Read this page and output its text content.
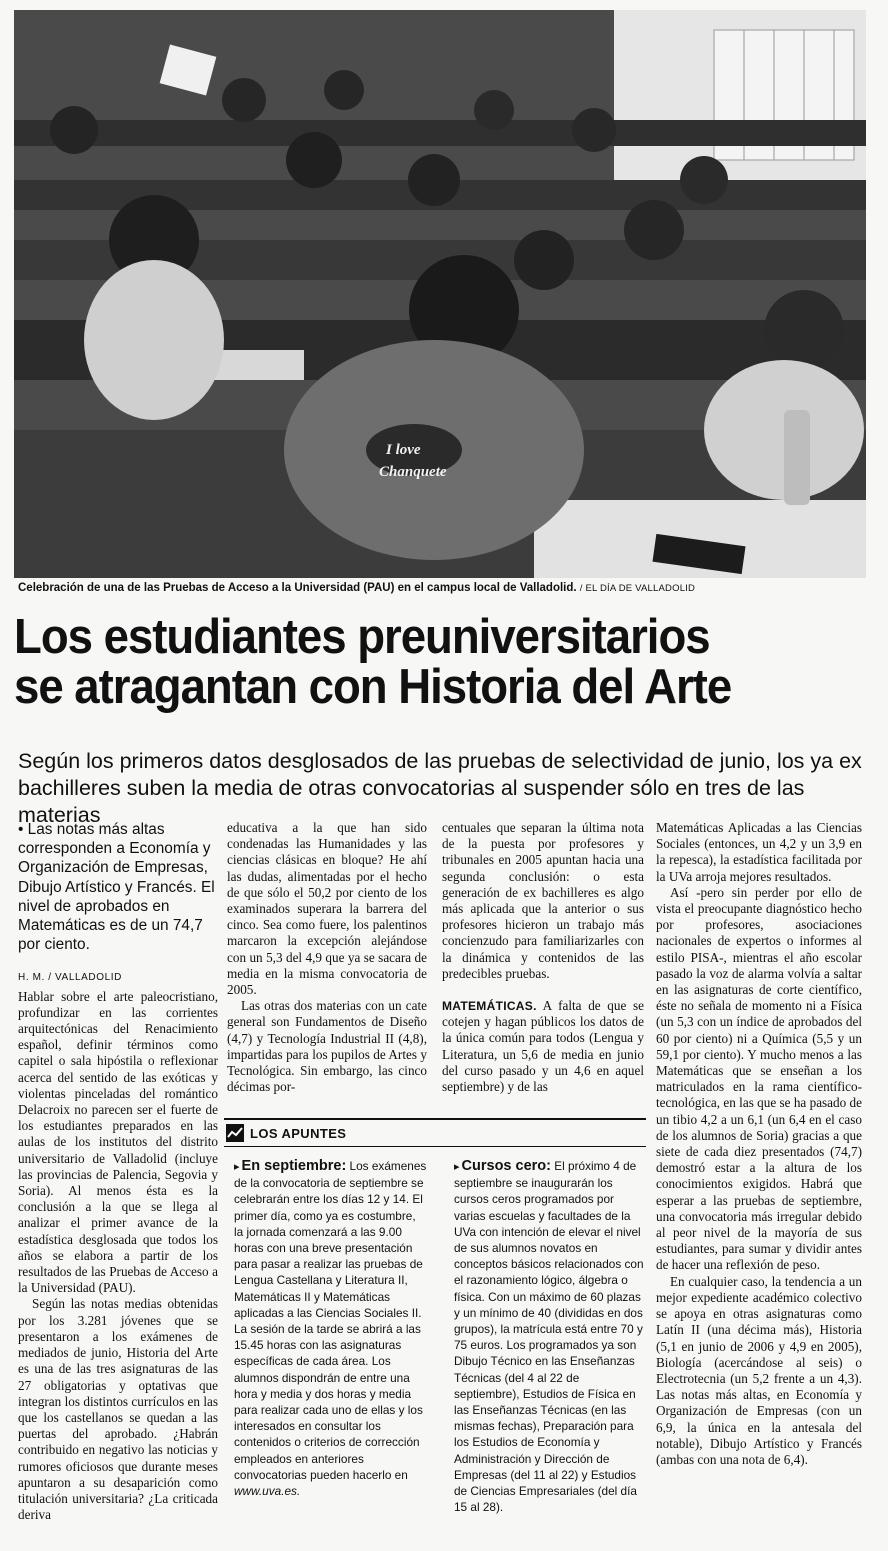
I love
Chanquete
Celebración de una de las Pruebas de Acceso a la Universidad (PAU) en el campus local de Valladolid. / EL DÍA DE VALLADOLID
Los estudiantes preuniversitarios
se atragantan con Historia del Arte
Según los primeros datos desglosados de las pruebas de selectividad de junio, los ya ex
bachilleres suben la media de otras convocatorias al suspender sólo en tres de las materias

• Las notas más altas corresponden a Economía y Organización de Empresas, Dibujo Artístico y Francés. El nivel de aprobados en Matemáticas es de un 74,7 por ciento.

H. M. / VALLADOLID

Hablar sobre el arte paleocristiano, profundizar en las corrientes arquitectónicas del Renacimiento español, definir términos como capitel o sala hipóstila o reflexionar acerca del sentido de las exóticas y violentas pinceladas del romántico Delacroix no parecen ser el fuerte de los estudiantes preparados en las aulas de los institutos del distrito universitario de Valladolid (incluye las provincias de Palencia, Segovia y Soria). Al menos ésta es la conclusión a la que se llega al analizar el primer avance de la estadística desglosada que todos los años se elabora a partir de los resultados de las Pruebas de Acceso a la Universidad (PAU).

Según las notas medias obtenidas por los 3.281 jóvenes que se presentaron a los exámenes de mediados de junio, Historia del Arte es una de las tres asignaturas de las 27 obligatorias y optativas que integran los distintos currículos en las que los castellanos se quedan a las puertas del aprobado. ¿Habrán contribuido en negativo las noticias y rumores oficiosos que durante meses apuntaron a su desaparición como titulación universitaria? ¿La criticada deriva

educativa a la que han sido condenadas las Humanidades y las ciencias clásicas en bloque? He ahí las dudas, alimentadas por el hecho de que sólo el 50,2 por ciento de los examinados superara la barrera del cinco. Sea como fuere, los palentinos marcaron la excepción alejándose con un 5,3 del 4,9 que ya se sacara de media en la misma convocatoria de 2005.

Las otras dos materias con un cate general son Fundamentos de Diseño (4,7) y Tecnología Industrial II (4,8), impartidas para los pupilos de Artes y Tecnológica. Sin embargo, las cinco décimas por-

centuales que separan la última nota de la puesta por profesores y tribunales en 2005 apuntan hacia una segunda conclusión: o esta generación de ex bachilleres es algo más aplicada que la anterior o sus profesores hicieron un trabajo más concienzudo para familiarizarles con la dinámica y contenidos de las predecibles pruebas.

MATEMÁTICAS. A falta de que se cotejen y hagan públicos los datos de la única común para todos (Lengua y Literatura, un 5,6 de media en junio del curso pasado y un 4,6 en aquel septiembre) y de las

Matemáticas Aplicadas a las Ciencias Sociales (entonces, un 4,2 y un 3,9 en la repesca), la estadística facilitada por la UVa arroja mejores resultados.

Así -pero sin perder por ello de vista el preocupante diagnóstico hecho por profesores, asociaciones nacionales de expertos o informes al estilo PISA-, mientras el año escolar pasado la voz de alarma volvía a saltar en las asignaturas de corte científico, éste no señala de momento ni a Física (un 5,3 con un índice de aprobados del 60 por ciento) ni a Química (5,5 y un 59,1 por ciento). Y mucho menos a las Matemáticas que se enseñan a los matriculados en la rama científico-tecnológica, en las que se ha pasado de un tibio 4,2 a un 6,1 (un 6,4 en el caso de los alumnos de Soria) gracias a que siete de cada diez presentados (74,7) demostró estar a la altura de los conocimientos exigidos. Habrá que esperar a las pruebas de septiembre, una convocatoria más irregular debido al peor nivel de la mayoría de sus estudiantes, para sumar y dividir antes de hacer una reflexión de peso.

En cualquier caso, la tendencia a un mejor expediente académico colectivo se apoya en otras asignaturas como Latín II (una décima más), Historia (5,1 en junio de 2006 y 4,9 en 2005), Biología (acercándose al seis) o Electrotecnia (un 5,2 frente a un 4,3). Las notas más altas, en Economía y Organización de Empresas (con un 6,9, la única en la antesala del notable), Dibujo Artístico y Francés (ambas con una nota de 6,4).

LOS APUNTES

▸ En septiembre: Los exámenes de la convocatoria de septiembre se celebrarán entre los días 12 y 14. El primer día, como ya es costumbre, la jornada comenzará a las 9.00 horas con una breve presentación para pasar a realizar las pruebas de Lengua Castellana y Literatura II, Matemáticas II y Matemáticas aplicadas a las Ciencias Sociales II. La sesión de la tarde se abrirá a las 15.45 horas con las asignaturas específicas de cada área. Los alumnos dispondrán de entre una hora y media y dos horas y media para realizar cada uno de ellas y los interesados en consultar los contenidos o criterios de corrección empleados en anteriores convocatorias pueden hacerlo en www.uva.es.

▸ Cursos cero: El próximo 4 de septiembre se inaugurarán los cursos ceros programados por varias escuelas y facultades de la UVa con intención de elevar el nivel de sus alumnos novatos en conceptos básicos relacionados con el razonamiento lógico, álgebra o física. Con un máximo de 60 plazas y un mínimo de 40 (divididas en dos grupos), la matrícula está entre 70 y 75 euros. Los programados ya son Dibujo Técnico en las Enseñanzas Técnicas (del 4 al 22 de septiembre), Estudios de Física en las Enseñanzas Técnicas (en las mismas fechas), Preparación para los Estudios de Economía y Administración y Dirección de Empresas (del 11 al 22) y Estudios de Ciencias Empresariales (del día 15 al 28).
